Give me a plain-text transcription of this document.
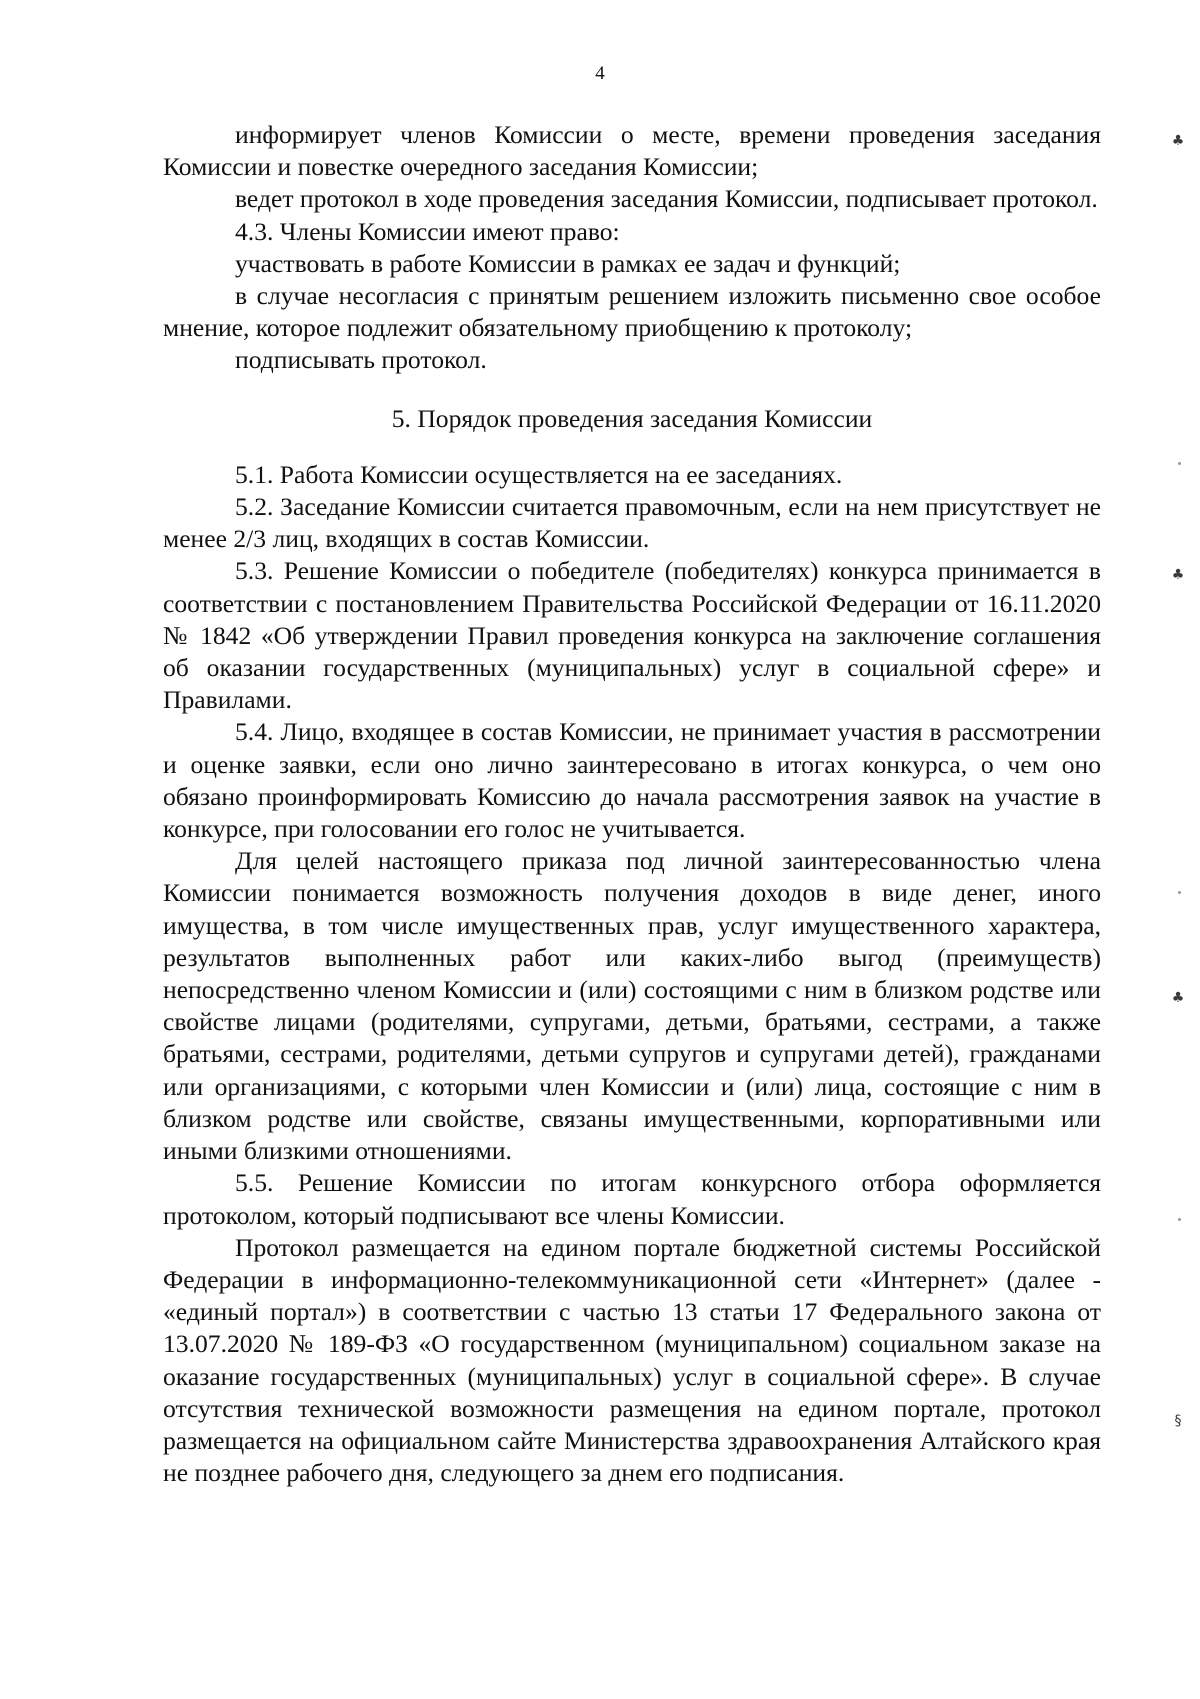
4

информирует членов Комиссии о месте, времени проведения заседания Комиссии и повестке очередного заседания Комиссии;

ведет протокол в ходе проведения заседания Комиссии, подписывает протокол.

4.3. Члены Комиссии имеют право:

участвовать в работе Комиссии в рамках ее задач и функций;

в случае несогласия с принятым решением изложить письменно свое особое мнение, которое подлежит обязательному приобщению к протоколу;

подписывать протокол.

5. Порядок проведения заседания Комиссии

5.1. Работа Комиссии осуществляется на ее заседаниях.

5.2. Заседание Комиссии считается правомочным, если на нем присутствует не менее 2/3 лиц, входящих в состав Комиссии.

5.3. Решение Комиссии о победителе (победителях) конкурса принимается в соответствии с постановлением Правительства Российской Федерации от 16.11.2020 № 1842 «Об утверждении Правил проведения конкурса на заключение соглашения об оказании государственных (муниципальных) услуг в социальной сфере» и Правилами.

5.4. Лицо, входящее в состав Комиссии, не принимает участия в рассмотрении и оценке заявки, если оно лично заинтересовано в итогах конкурса, о чем оно обязано проинформировать Комиссию до начала рассмотрения заявок на участие в конкурсе, при голосовании его голос не учитывается.

Для целей настоящего приказа под личной заинтересованностью члена Комиссии понимается возможность получения доходов в виде денег, иного имущества, в том числе имущественных прав, услуг имущественного характера, результатов выполненных работ или каких-либо выгод (преимуществ) непосредственно членом Комиссии и (или) состоящими с ним в близком родстве или свойстве лицами (родителями, супругами, детьми, братьями, сестрами, а также братьями, сестрами, родителями, детьми супругов и супругами детей), гражданами или организациями, с которыми член Комиссии и (или) лица, состоящие с ним в близком родстве или свойстве, связаны имущественными, корпоративными или иными близкими отношениями.

5.5. Решение Комиссии по итогам конкурсного отбора оформляется протоколом, который подписывают все члены Комиссии.

Протокол размещается на едином портале бюджетной системы Российской Федерации в информационно-телекоммуникационной сети «Интернет» (далее - «единый портал») в соответствии с частью 13 статьи 17 Федерального закона от 13.07.2020 № 189-ФЗ «О государственном (муниципальном) социальном заказе на оказание государственных (муниципальных) услуг в социальной сфере». В случае отсутствия технической возможности размещения на едином портале, протокол размещается на официальном сайте Министерства здравоохранения Алтайского края не позднее рабочего дня, следующего за днем его подписания.

♣
♣
♣
§
